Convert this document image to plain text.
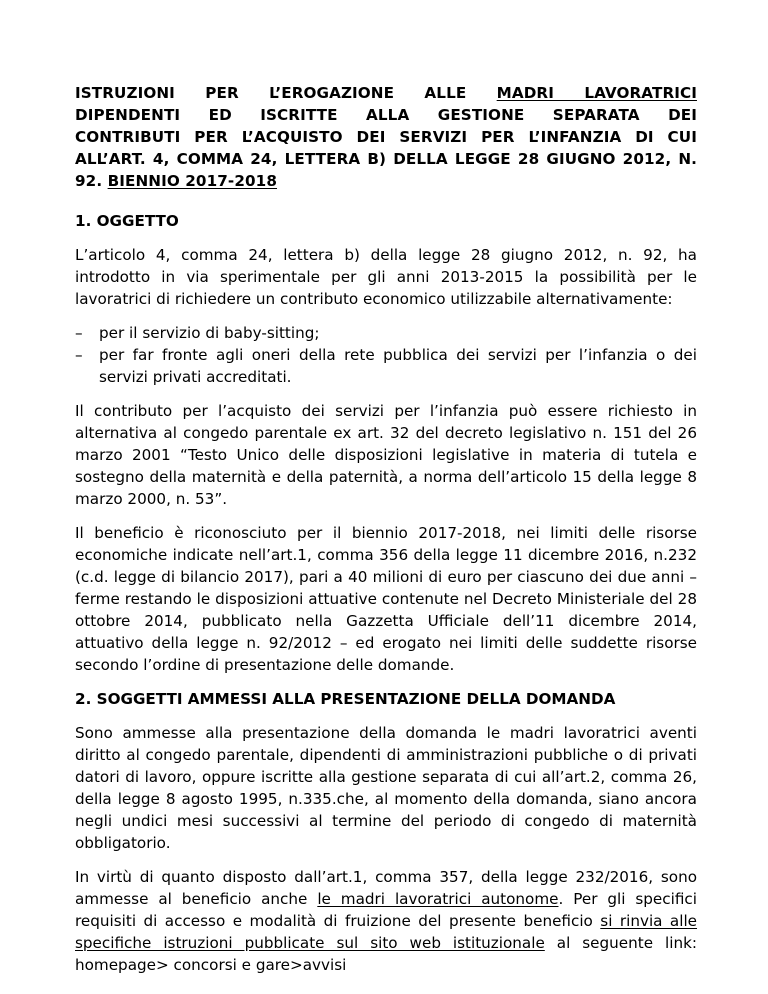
ISTRUZIONI PER L’EROGAZIONE ALLE MADRI LAVORATRICI
DIPENDENTI ED ISCRITTE ALLA GESTIONE SEPARATA DEI
CONTRIBUTI PER L’ACQUISTO DEI SERVIZI PER L’INFANZIA DI CUI
ALL’ART. 4, COMMA 24, LETTERA B) DELLA LEGGE 28 GIUGNO 2012, N.
92. BIENNIO 2017-2018
1. OGGETTO

L’articolo 4, comma 24, lettera b) della legge 28 giugno 2012, n. 92, ha introdotto in via sperimentale per gli anni 2013-2015 la possibilità per le lavoratrici di richiedere un contributo economico utilizzabile alternativamente:

– per il servizio di baby-sitting;
– per far fronte agli oneri della rete pubblica dei servizi per l’infanzia o dei servizi privati accreditati.

Il contributo per l’acquisto dei servizi per l’infanzia può essere richiesto in alternativa al congedo parentale ex art. 32 del decreto legislativo n. 151 del 26 marzo 2001 “Testo Unico delle disposizioni legislative in materia di tutela e sostegno della maternità e della paternità, a norma dell’articolo 15 della legge 8 marzo 2000, n. 53”.

Il beneficio è riconosciuto per il biennio 2017-2018, nei limiti delle risorse economiche indicate nell’art.1, comma 356 della legge 11 dicembre 2016, n.232 (c.d. legge di bilancio 2017), pari a 40 milioni di euro per ciascuno dei due anni – ferme restando le disposizioni attuative contenute nel Decreto Ministeriale del 28 ottobre 2014, pubblicato nella Gazzetta Ufficiale dell’11 dicembre 2014, attuativo della legge n. 92/2012 – ed erogato nei limiti delle suddette risorse secondo l’ordine di presentazione delle domande.

2. SOGGETTI AMMESSI ALLA PRESENTAZIONE DELLA DOMANDA

Sono ammesse alla presentazione della domanda le madri lavoratrici aventi diritto al congedo parentale, dipendenti di amministrazioni pubbliche o di privati datori di lavoro, oppure iscritte alla gestione separata di cui all’art.2, comma 26, della legge 8 agosto 1995, n.335.che, al momento della domanda, siano ancora negli undici mesi successivi al termine del periodo di congedo di maternità obbligatorio.

In virtù di quanto disposto dall’art.1, comma 357, della legge 232/2016, sono ammesse al beneficio anche le madri lavoratrici autonome. Per gli specifici requisiti di accesso e modalità di fruizione del presente beneficio si rinvia alle specifiche istruzioni pubblicate sul sito web istituzionale al seguente link: homepage> concorsi e gare>avvisi
